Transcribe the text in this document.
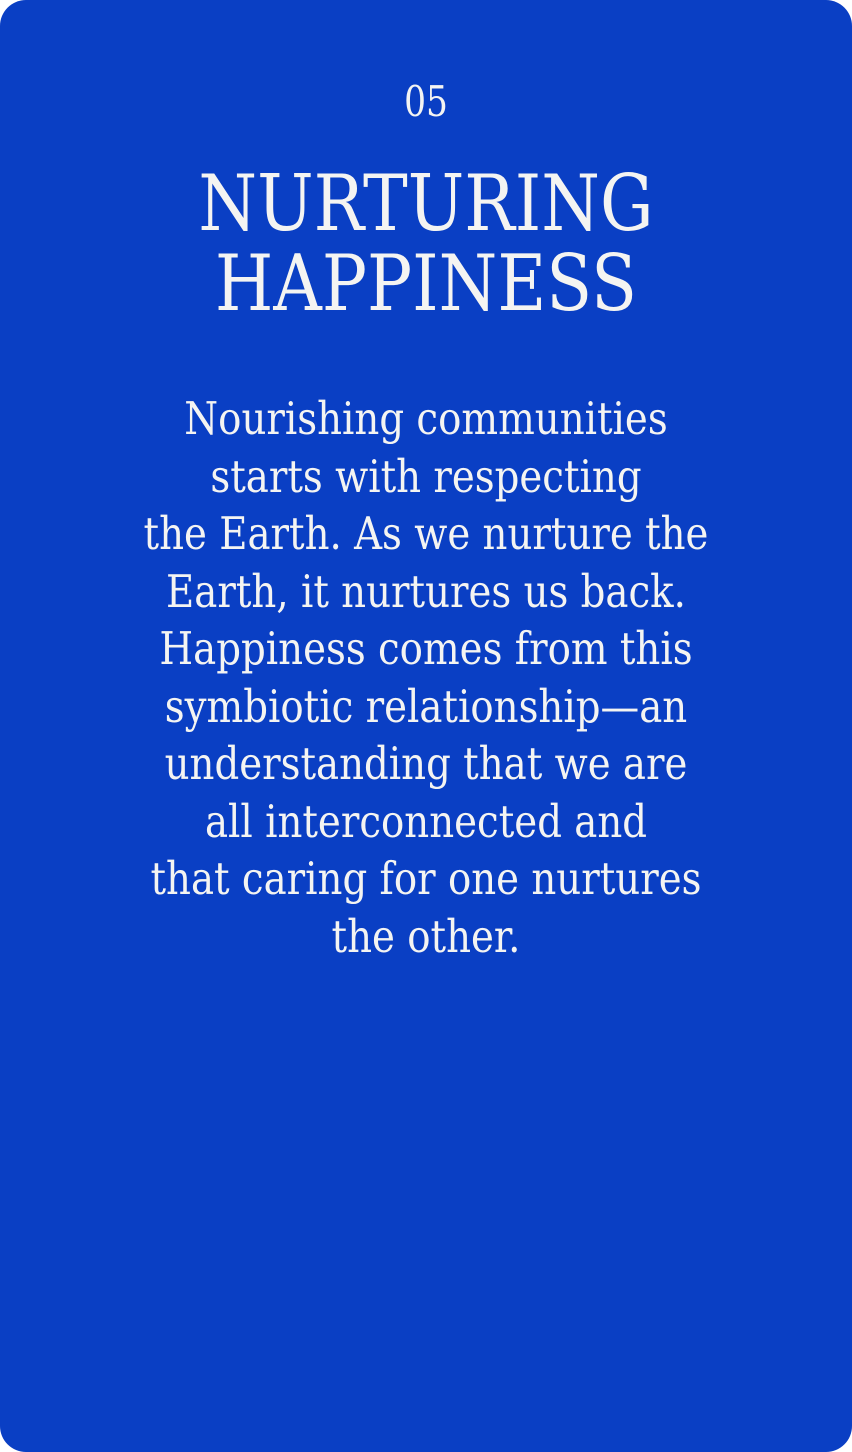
05
NURTURING
HAPPINESS
Nourishing communities
starts with respecting
the Earth. As we nurture the
Earth, it nurtures us back.
Happiness comes from this
symbiotic relationship—an
understanding that we are
all interconnected and
that caring for one nurtures
the other.
